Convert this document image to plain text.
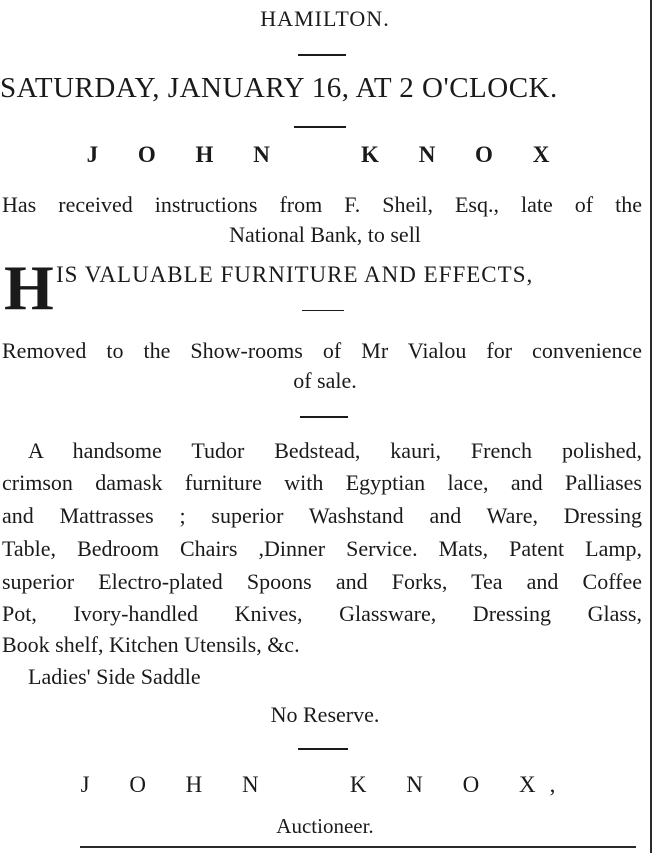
HAMILTON.
SATURDAY, JANUARY 16, AT 2 O'CLOCK.
J O H N   K N O X
Has received instructions from F. Sheil, Esq., late of the
National Bank, to sell
H IS VALUABLE FURNITURE AND EFFECTS,
Removed to the Show-rooms of Mr Vialou for convenience
of sale.
A handsome Tudor Bedstead, kauri, French polished,
crimson damask furniture with Egyptian lace, and Palliases
and Mattrasses ; superior Washstand and Ware, Dressing
Table, Bedroom Chairs ,Dinner Service. Mats, Patent Lamp,
superior Electro-plated Spoons and Forks, Tea and Coffee
Pot, Ivory-handled Knives, Glassware, Dressing Glass,
Book shelf, Kitchen Utensils, &c.
Ladies' Side Saddle
No Reserve.
J O H N   K N O X,
Auctioneer.
